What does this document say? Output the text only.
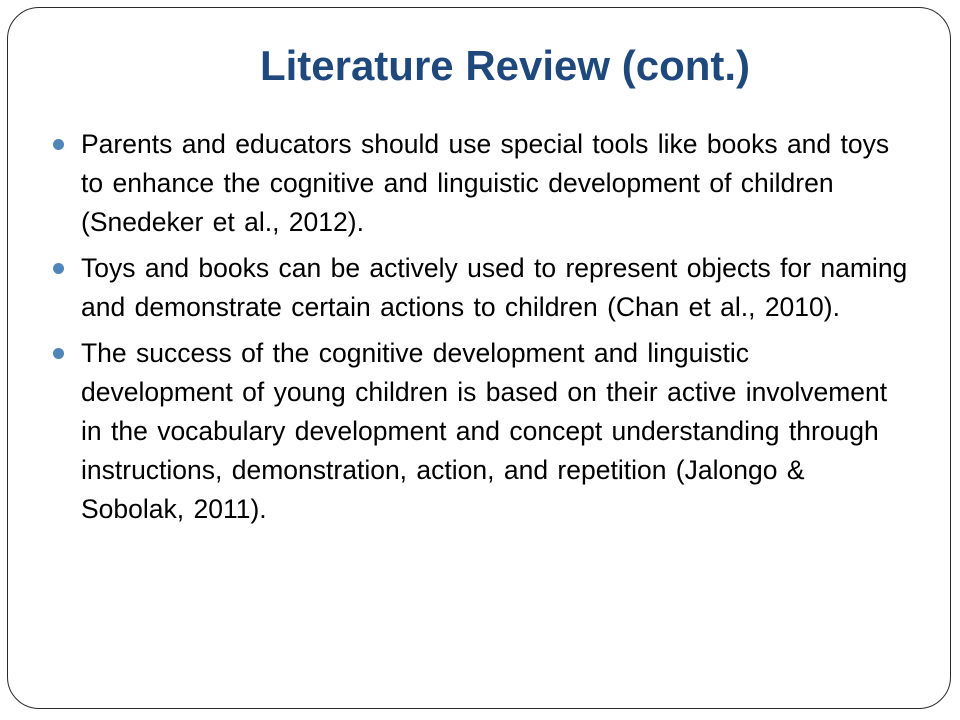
Literature Review (cont.)
Parents and educators should use special tools like books and toys to enhance the cognitive and linguistic development of children (Snedeker et al., 2012).
Toys and books can be actively used to represent objects for naming and demonstrate certain actions to children (Chan et al., 2010).
The success of the cognitive development and linguistic development of young children is based on their active involvement in the vocabulary development and concept understanding through instructions, demonstration, action, and repetition (Jalongo & Sobolak, 2011).
